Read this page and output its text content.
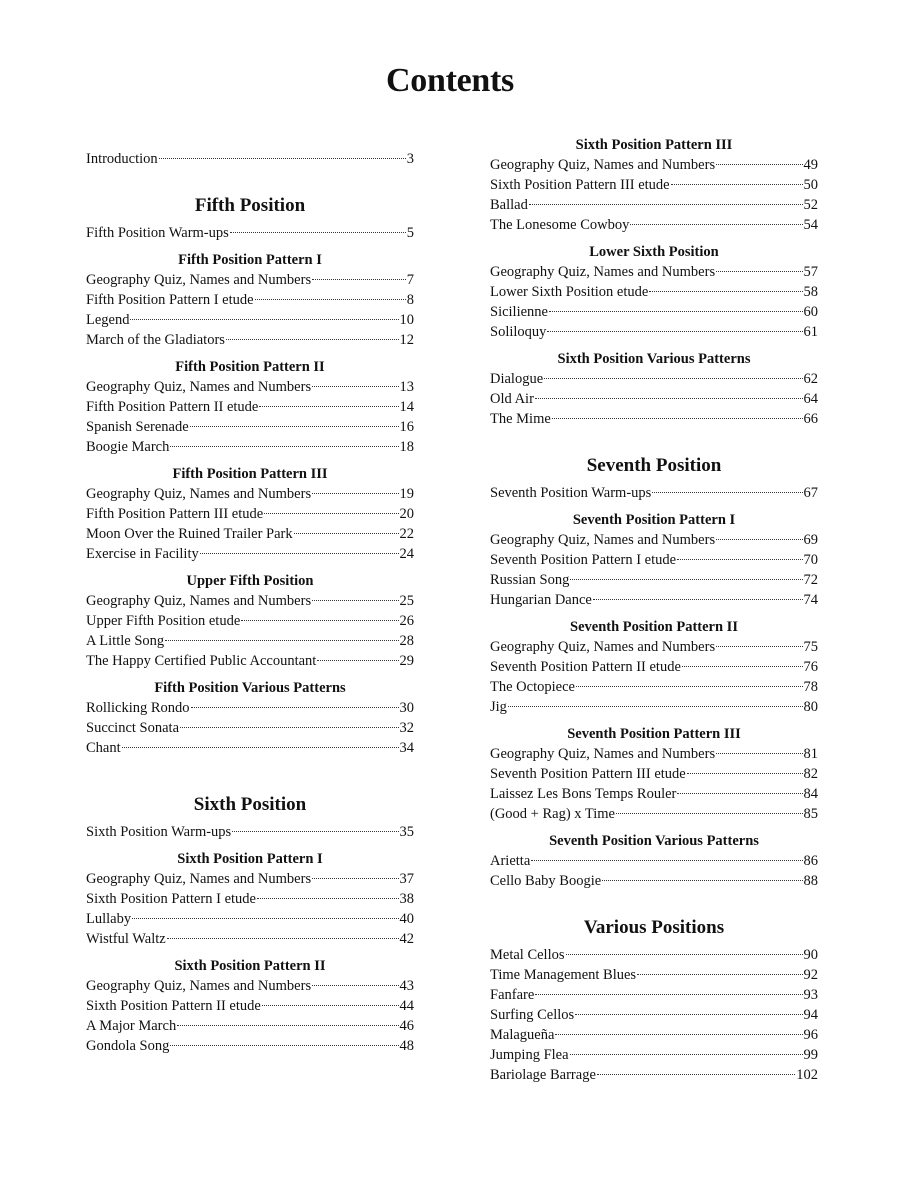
Contents
Introduction	3
Fifth Position
Fifth Position Warm-ups	5
Fifth Position Pattern I
Geography Quiz, Names and Numbers	7
Fifth Position Pattern I etude	8
Legend	10
March of the Gladiators	12
Fifth Position Pattern II
Geography Quiz, Names and Numbers	13
Fifth Position Pattern II etude	14
Spanish Serenade	16
Boogie March	18
Fifth Position Pattern III
Geography Quiz, Names and Numbers	19
Fifth Position Pattern III etude	20
Moon Over the Ruined Trailer Park	22
Exercise in Facility	24
Upper Fifth Position
Geography Quiz, Names and Numbers	25
Upper Fifth Position etude	26
A Little Song	28
The Happy Certified Public Accountant	29
Fifth Position Various Patterns
Rollicking Rondo	30
Succinct Sonata	32
Chant	34
Sixth Position
Sixth Position Warm-ups	35
Sixth Position Pattern I
Geography Quiz, Names and Numbers	37
Sixth Position Pattern I etude	38
Lullaby	40
Wistful Waltz	42
Sixth Position Pattern II
Geography Quiz, Names and Numbers	43
Sixth Position Pattern II etude	44
A Major March	46
Gondola Song	48
Sixth Position Pattern III
Geography Quiz, Names and Numbers	49
Sixth Position Pattern III etude	50
Ballad	52
The Lonesome Cowboy	54
Lower Sixth Position
Geography Quiz, Names and Numbers	57
Lower Sixth Position etude	58
Sicilienne	60
Soliloquy	61
Sixth Position Various Patterns
Dialogue	62
Old Air	64
The Mime	66
Seventh Position
Seventh Position Warm-ups	67
Seventh Position Pattern I
Geography Quiz, Names and Numbers	69
Seventh Position Pattern I etude	70
Russian Song	72
Hungarian Dance	74
Seventh Position Pattern II
Geography Quiz, Names and Numbers	75
Seventh Position Pattern II etude	76
The Octopiece	78
Jig	80
Seventh Position Pattern III
Geography Quiz, Names and Numbers	81
Seventh Position Pattern III etude	82
Laissez Les Bons Temps Rouler	84
(Good + Rag) x Time	85
Seventh Position Various Patterns
Arietta	86
Cello Baby Boogie	88
Various Positions
Metal Cellos	90
Time Management Blues	92
Fanfare	93
Surfing Cellos	94
Malagueña	96
Jumping Flea	99
Bariolage Barrage	102
